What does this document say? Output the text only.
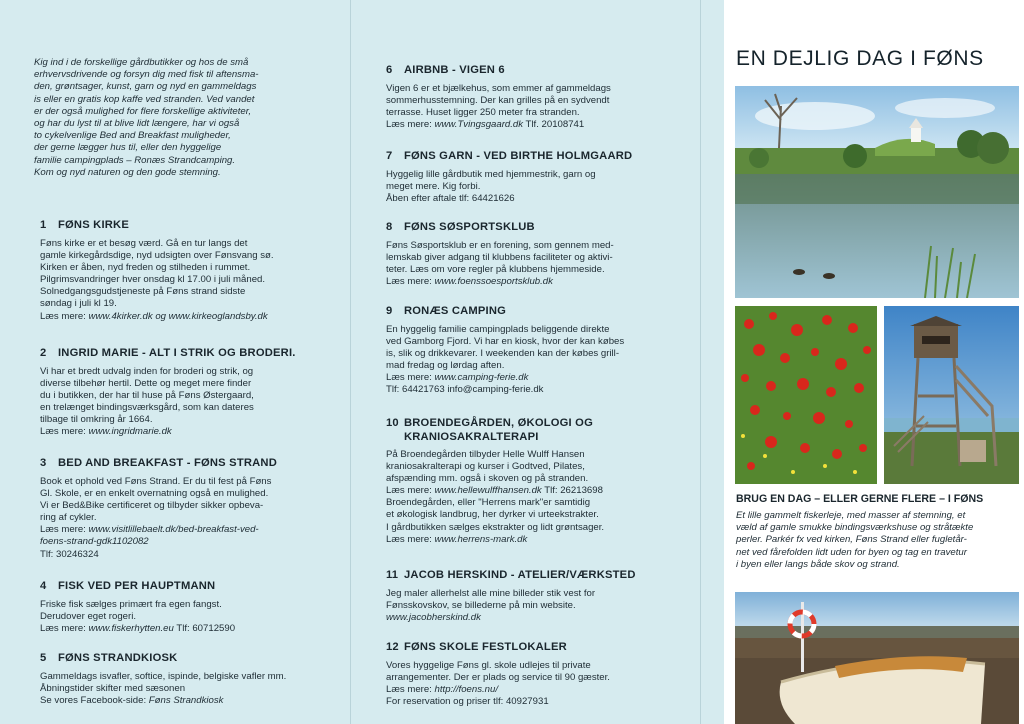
Kig ind i de forskellige gårdbutikker og hos de små
erhvervsdrivende og forsyn dig med fisk til aftensma-
den, grøntsager, kunst, garn og nyd en gammeldags
is eller en gratis kop kaffe ved stranden. Ved vandet
er der også mulighed for flere forskellige aktiviteter,
og har du lyst til at blive lidt længere, har vi også
to cykelvenlige Bed and Breakfast muligheder,
der gerne lægger hus til, eller den hyggelige
familie campingplads – Ronæs Strandcamping.
Kom og nyd naturen og den gode stemning.
1 FØNS KIRKE
Føns kirke er et besøg værd. Gå en tur langs det
gamle kirkegårdsdige, nyd udsigten over Fønsvang sø.
Kirken er åben, nyd freden og stilheden i rummet.
Pilgrimsvandringer hver onsdag kl 17.00 i juli måned.
Solnedgangsgudstjeneste på Føns strand sidste
søndag i juli kl 19.
Læs mere: www.4kirker.dk og www.kirkeoglandsby.dk
2 INGRID MARIE - ALT I STRIK OG BRODERI.
Vi har et bredt udvalg inden for broderi og strik, og
diverse tilbehør hertil. Dette og meget mere finder
du i butikken, der har til huse på Føns Østergaard,
en trelænget bindingsværksgård, som kan dateres
tilbage til omkring år 1664.
Læs mere: www.ingridmarie.dk
3 BED AND BREAKFAST - FØNS STRAND
Book et ophold ved Føns Strand. Er du til fest på Føns
Gl. Skole, er en enkelt overnatning også en mulighed.
Vi er Bed&Bike certificeret og tilbyder sikker opbeva-
ring af cykler.
Læs mere: www.visitlillebaelt.dk/bed-breakfast-ved-
foens-strand-gdk1102082
Tlf: 30246324
4 FISK VED PER HAUPTMANN
Friske fisk sælges primært fra egen fangst.
Derudover eget rogeri.
Læs mere: www.fiskerhytten.eu Tlf: 60712590
5 FØNS STRANDKIOSK
Gammeldags isvafler, softice, ispinde, belgiske vafler mm.
Åbningstider skifter med sæsonen
Se vores Facebook-side: Føns Strandkiosk
6 AIRBNB - VIGEN 6
Vigen 6 er et bjælkehus, som emmer af gammeldags
sommerhusstemning. Der kan grilles på en sydvendt
terrasse. Huset ligger 250 meter fra stranden.
Læs mere: www.Tvingsgaard.dk Tlf. 20108741
7 FØNS GARN - VED BIRTHE HOLMGAARD
Hyggelig lille gårdbutik med hjemmestrik, garn og
meget mere. Kig forbi.
Åben efter aftale tlf: 64421626
8 FØNS SØSPORTSKLUB
Føns Søsportsklub er en forening, som gennem med-
lemskab giver adgang til klubbens faciliteter og aktivi-
teter. Læs om vore regler på klubbens hjemmeside.
Læs mere: www.foenssoesportsklub.dk
9 RONÆS CAMPING
En hyggelig familie campingplads beliggende direkte
ved Gamborg Fjord. Vi har en kiosk, hvor der kan købes
is, slik og drikkevarer. I weekenden kan der købes grill-
mad fredag og lørdag aften.
Læs mere: www.camping-ferie.dk
Tlf: 64421763 info@camping-ferie.dk
10 BROENDEGÅRDEN, ØKOLOGI OG
KRANIOSAKRALTERAPI
På Broendegården tilbyder Helle Wulff Hansen
kraniosakralterapi og kurser i Godtved, Pilates,
afspænding mm. også i skoven og på stranden.
Læs mere: www.hellewulffhansen.dk Tlf: 26213698
Broendegården, eller "Herrens mark"er samtidig
et økologisk landbrug, her dyrker vi urteekstrakter.
I gårdbutikken sælges ekstrakter og lidt grøntsager.
Læs mere: www.herrens-mark.dk
11 JACOB HERSKIND - ATELIER/VÆRKSTED
Jeg maler allerhelst alle mine billeder stik vest for
Fønsskovskov, se billederne på min website.
www.jacobherskind.dk
12 FØNS SKOLE FESTLOKALER
Vores hyggelige Føns gl. skole udlejes til private
arrangementer. Der er plads og service til 90 gæster.
Læs mere: http://foens.nu/
For reservation og priser tlf: 40927931
EN DEJLIG DAG I FØNS
BRUG EN DAG – ELLER GERNE FLERE – I FØNS
Et lille gammelt fiskerleje, med masser af stemning, et
væld af gamle smukke bindingsværkshuse og stråtækte
perler. Parkér fx ved kirken, Føns Strand eller fugletår-
net ved fårefolden lidt uden for byen og tag en travetur
i byen eller langs både skov og strand.
